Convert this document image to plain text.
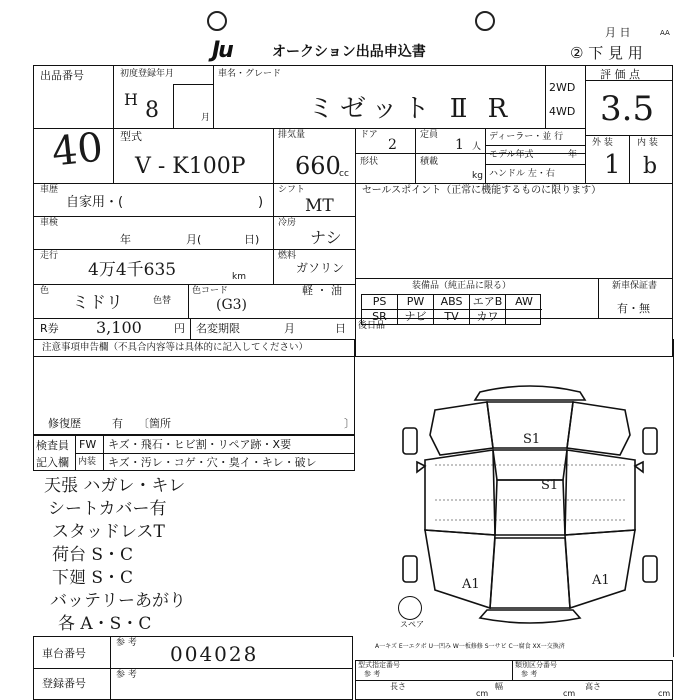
Ju	オークション出品申込書
月 日	AA
② 下 見 用
出品番号
40
初度登録年月
H 8	月
車名・グレード
ミゼット Ⅱ R
2WD
4WD
評 価 点
3.5
型式
V - K100P
排気量
660
cc
ドア
2
定員
1 人
形状	積載
kg
ディーラー・並 行
モデル年式	年
ハンドル 左・右
外 装	内 装
1 b
車歴
自家用・(	)
シフト
MT
セールスポイント（正常に機能するものに限ります）
車検
年	月(	日)
冷房
ナシ
走行
4万4千635	km
燃料
ガソリン
軽 ・ 油
色
ミドリ	色替
色コード
(G3)
装備品（純正品に限る）
PS	PW	ABS エアB	AW
SR	ナビ	TV	カワ
新車保証書
有・無
R券 3,100	円 名変期限	月	日 後日品
注意事項申告欄（不具合内容等は具体的に記入してください）
修復歴	有 〔箇所	〕
検査員
記入欄
FW キズ・飛石・ヒビ割・リペア跡・X要
内装 キズ・汚レ・コゲ・穴・臭イ・キレ・破レ
天張 ハガレ・キレ
シートカバー有
スタッドレスT
荷台 S・C
下廻 S・C
バッテリーあがり
各 A・S・C	スペア
S1
S1
A1	A1
A一キズ E一エクボ U一凹み W一板修修 S一サビ C一腐食 XX一交換済
車台番号
参 考 004028
登録番号
参 考
型式指定番号
参 考
類別区分番号
参 考
長さ
cm
幅
cm
高さ
cm
